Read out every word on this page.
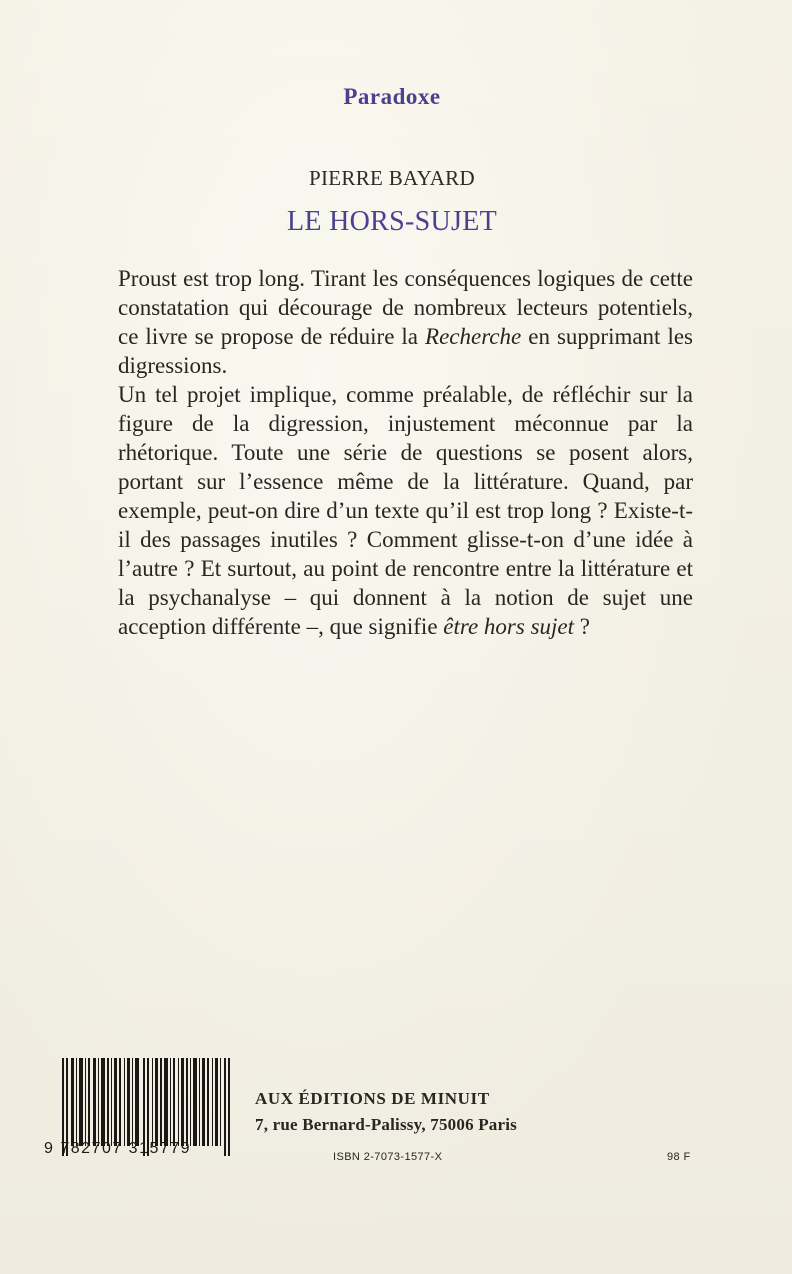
Paradoxe
PIERRE BAYARD
LE HORS-SUJET

Proust est trop long. Tirant les conséquences logiques de cette constatation qui décourage de nombreux lecteurs potentiels, ce livre se propose de réduire la Recherche en supprimant les digressions.

Un tel projet implique, comme préalable, de réfléchir sur la figure de la digression, injustement méconnue par la rhétorique. Toute une série de questions se posent alors, portant sur l’essence même de la littérature. Quand, par exemple, peut-on dire d’un texte qu’il est trop long ? Existe-t-il des passages inutiles ? Comment glisse-t-on d’une idée à l’autre ? Et surtout, au point de rencontre entre la littérature et la psychanalyse – qui donnent à la notion de sujet une acception différente –, que signifie être hors sujet ?

9 782707 315779
AUX ÉDITIONS DE MINUIT
7, rue Bernard-Palissy, 75006 Paris
ISBN 2-7073-1577-X	98 F
